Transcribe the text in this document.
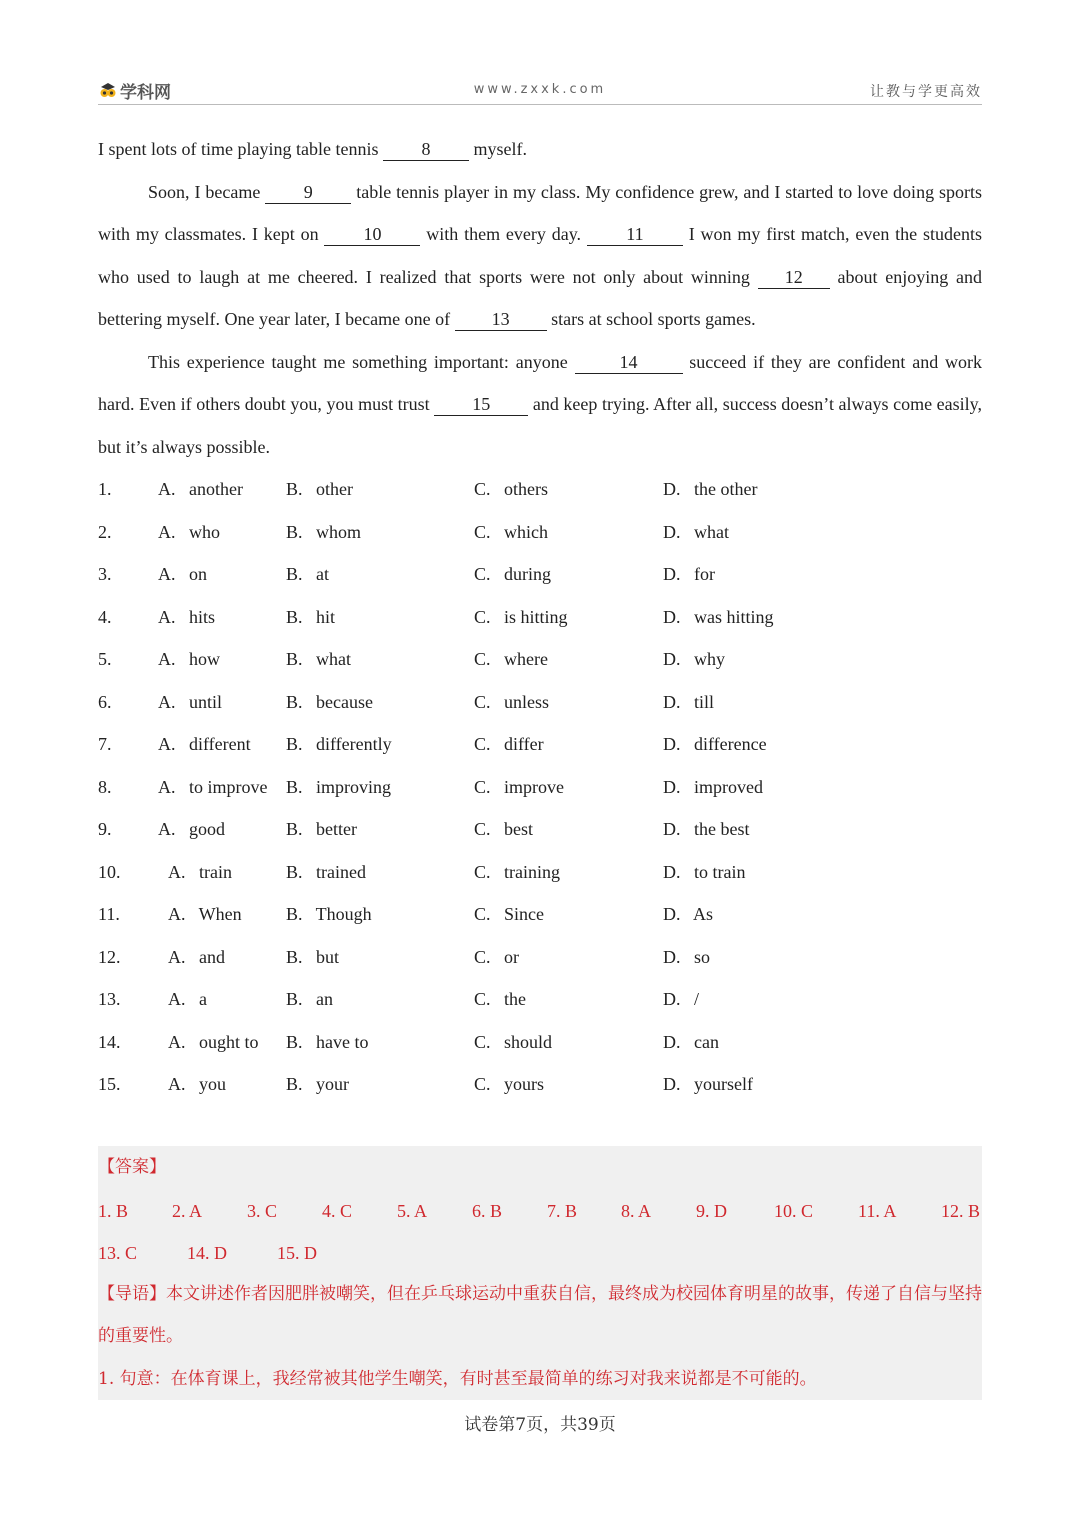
学科网	www.zxxk.com	让教与学更高效

I spent lots of time playing table tennis 8 myself.

Soon, I became 9 table tennis player in my class. My confidence grew, and I started to love doing sports with my classmates. I kept on 10 with them every day. 11 I won my first match, even the students who used to laugh at me cheered. I realized that sports were not only about winning 12 about enjoying and bettering myself. One year later, I became one of 13 stars at school sports games.

This experience taught me something important: anyone	14	succeed if they are confident and work hard. Even if others doubt you, you must trust 15 and keep trying. After all, success doesn’t always come easily, but it’s always possible.

1.	A.   another B.   other	C.   others	D.   the other
2.	A.   who	B.   whom	C.   which	D.   what
3.	A.   on	B.   at	C.   during	D.   for
4.	A.   hits	B.   hit	C.   is hitting	D.   was hitting
5.	A.   how	B.   what	C.   where	D.   why
6.	A.   until	B.   because	C.   unless	D.   till
7.	A.   different B.   differently	C.   differ	D.   difference
8.	A.   to improve B.   improving	C.   improve	D.   improved
9.	A.   good	B.   better	C.   best	D.   the best
10.	A.   train	B.   trained	C.   training	D.   to train
11.	A.   When B.   Though	C.   Since	D.   As
12.	A.   and	B.   but	C.   or	D.   so
13.	A.   a	B.   an	C.   the	D.   /
14.	A.   ought to B.   have to	C.   should	D.   can
15.	A.   you	B.   your	C.   yours	D.   yourself
【答案】
1. B 2. A 3. C 4. C 5. A 6. B 7. B 8. A 9. D	10. C 11. A 12. B
13. C	14. D	15. D
【导语】本文讲述作者因肥胖被嘲笑，但在乒乓球运动中重获自信，最终成为校园体育明星的故事，传递了自信与坚持的重要性。
1. 句意：在体育课上，我经常被其他学生嘲笑，有时甚至最简单的练习对我来说都是不可能的。
试卷第7页，共39页
